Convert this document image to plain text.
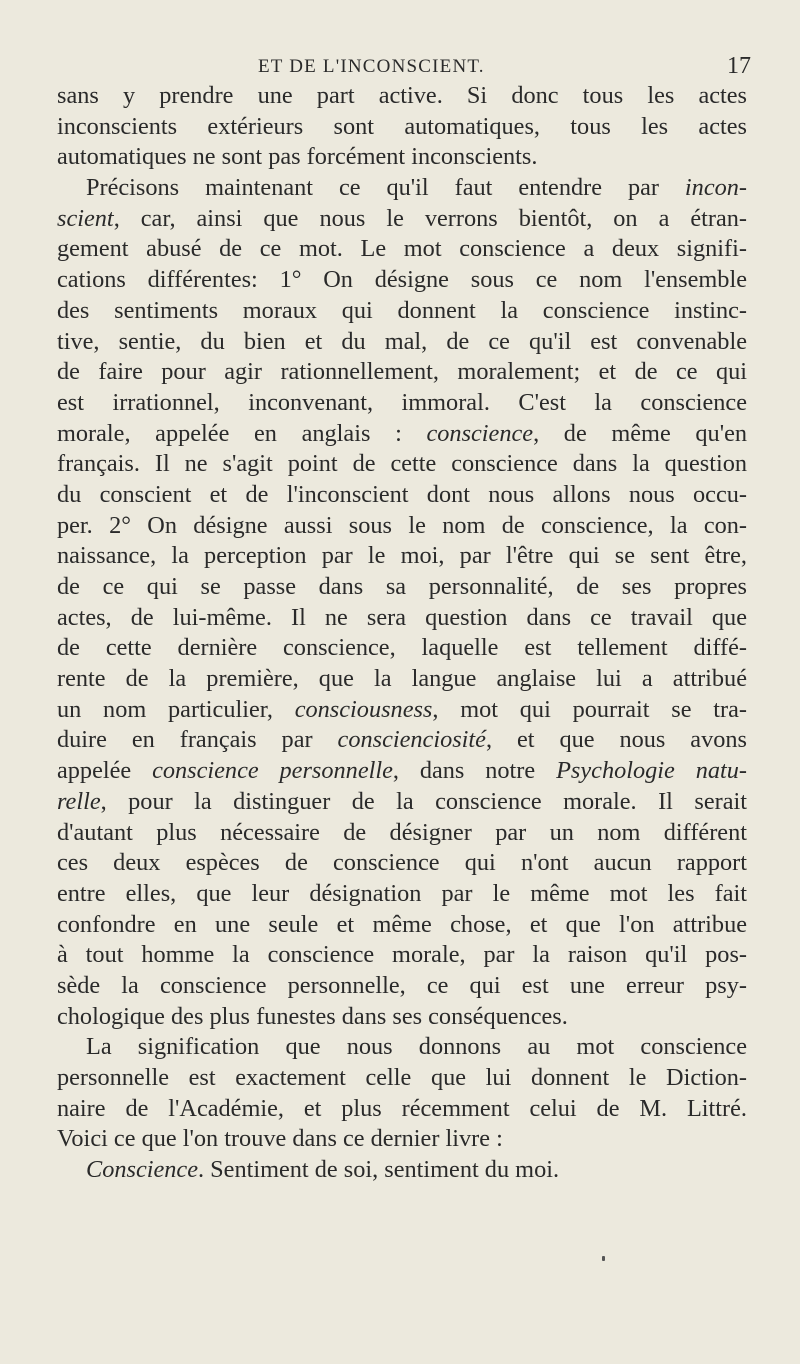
ET DE L'INCONSCIENT.	17
sans y prendre une part active. Si donc tous les actes
inconscients extérieurs sont automatiques, tous les actes
automatiques ne sont pas forcément inconscients.
Précisons maintenant ce qu'il faut entendre par incon-
scient, car, ainsi que nous le verrons bientôt, on a étran-
gement abusé de ce mot. Le mot conscience a deux signifi-
cations différentes: 1° On désigne sous ce nom l'ensemble
des sentiments moraux qui donnent la conscience instinc-
tive, sentie, du bien et du mal, de ce qu'il est convenable
de faire pour agir rationnellement, moralement; et de ce qui
est irrationnel, inconvenant, immoral. C'est la conscience
morale, appelée en anglais : conscience, de même qu'en
français. Il ne s'agit point de cette conscience dans la question
du conscient et de l'inconscient dont nous allons nous occu-
per. 2° On désigne aussi sous le nom de conscience, la con-
naissance, la perception par le moi, par l'être qui se sent être,
de ce qui se passe dans sa personnalité, de ses propres
actes, de lui-même. Il ne sera question dans ce travail que
de cette dernière conscience, laquelle est tellement diffé-
rente de la première, que la langue anglaise lui a attribué
un nom particulier, consciousness, mot qui pourrait se tra-
duire en français par conscienciosité, et que nous avons
appelée conscience personnelle, dans notre Psychologie natu-
relle, pour la distinguer de la conscience morale. Il serait
d'autant plus nécessaire de désigner par un nom différent
ces deux espèces de conscience qui n'ont aucun rapport
entre elles, que leur désignation par le même mot les fait
confondre en une seule et même chose, et que l'on attribue
à tout homme la conscience morale, par la raison qu'il pos-
sède la conscience personnelle, ce qui est une erreur psy-
chologique des plus funestes dans ses conséquences.
La signification que nous donnons au mot conscience
personnelle est exactement celle que lui donnent le Diction-
naire de l'Académie, et plus récemment celui de M. Littré.
Voici ce que l'on trouve dans ce dernier livre :
Conscience. Sentiment de soi, sentiment du moi.
